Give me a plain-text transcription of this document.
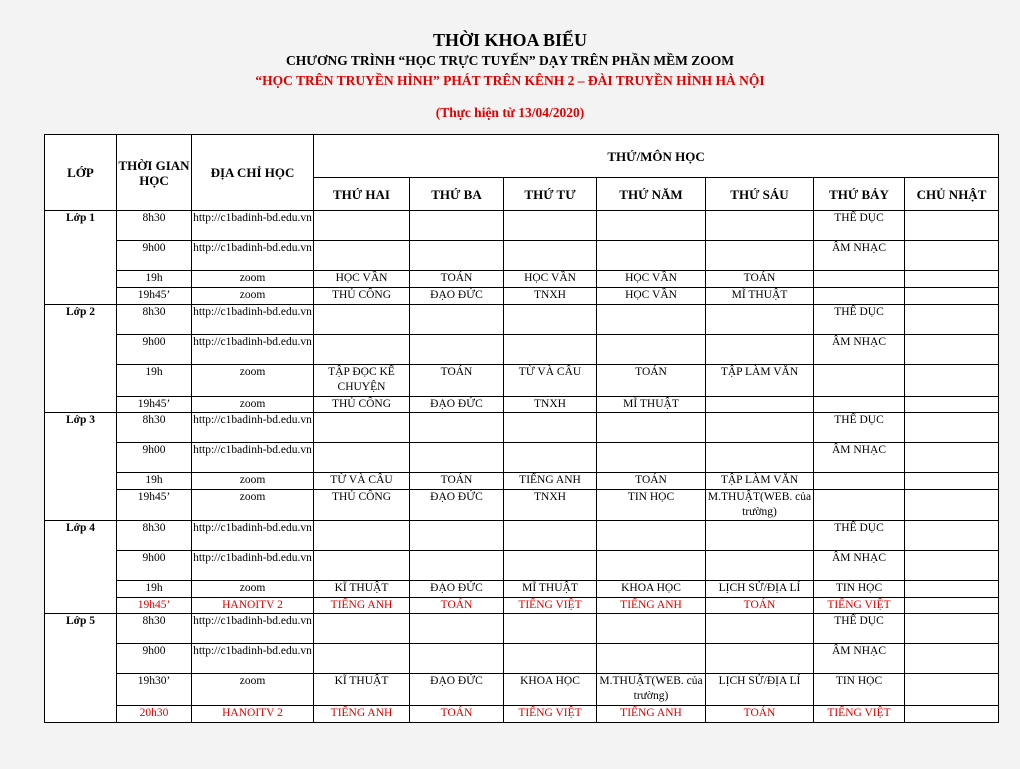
THỜI KHOA BIỂU
CHƯƠNG TRÌNH “HỌC TRỰC TUYẾN” DẠY TRÊN PHẦN MỀM ZOOM
“HỌC TRÊN TRUYỀN HÌNH” PHÁT TRÊN KÊNH 2 – ĐÀI TRUYỀN HÌNH HÀ NỘI
(Thực hiện từ 13/04/2020)
LỚP	THỜI GIAN HỌC	ĐỊA CHỈ HỌC	THỨ/MÔN HỌC						
			THỨ HAI	THỨ BA	THỨ TƯ	THỨ NĂM	THỨ SÁU	THỨ BẢY	CHỦ NHẬT
Lớp 1	8h30	http://c1badinh-bd.edu.vn						THỂ DỤC	
	9h00	http://c1badinh-bd.edu.vn						ÂM NHẠC	
	19h	zoom	HỌC VẦN	TOÁN	HỌC VẦN	HỌC VẦN	TOÁN		
	19h45’	zoom	THỦ CÔNG	ĐẠO ĐỨC	TNXH	HỌC VẦN	MĨ THUẬT		
Lớp 2	8h30	http://c1badinh-bd.edu.vn						THỂ DỤC	
	9h00	http://c1badinh-bd.edu.vn						ÂM NHẠC	
	19h	zoom	TẬP ĐỌC KỂ CHUYỆN	TOÁN	TỪ VÀ CÂU	TOÁN	TẬP LÀM VĂN		
	19h45’	zoom	THỦ CÔNG	ĐẠO ĐỨC	TNXH	MĨ THUẬT			
Lớp 3	8h30	http://c1badinh-bd.edu.vn						THỂ DỤC	
	9h00	http://c1badinh-bd.edu.vn						ÂM NHẠC	
	19h	zoom	TỪ VÀ CÂU	TOÁN	TIẾNG ANH	TOÁN	TẬP LÀM VĂN		
	19h45’	zoom	THỦ CÔNG	ĐẠO ĐỨC	TNXH	TIN HỌC	M.THUẬT(WEB. của trường)		
Lớp 4	8h30	http://c1badinh-bd.edu.vn						THỂ DỤC	
	9h00	http://c1badinh-bd.edu.vn						ÂM NHẠC	
	19h	zoom	KĨ THUẬT	ĐẠO ĐỨC	MĨ THUẬT	KHOA HỌC	LỊCH SỬ/ĐỊA LÍ	TIN HỌC	
	19h45’	HANOITV 2	TIẾNG ANH	TOÁN	TIẾNG VIỆT	TIẾNG ANH	TOÁN	TIẾNG VIỆT	
Lớp 5	8h30	http://c1badinh-bd.edu.vn						THỂ DỤC	
	9h00	http://c1badinh-bd.edu.vn						ÂM NHẠC	
	19h30’	zoom	KĨ THUẬT	ĐẠO ĐỨC	KHOA HỌC	M.THUẬT(WEB. của trường)	LỊCH SỬ/ĐỊA LÍ	TIN HỌC	
	20h30	HANOITV 2	TIẾNG ANH	TOÁN	TIẾNG VIỆT	TIẾNG ANH	TOÁN	TIẾNG VIỆT	
